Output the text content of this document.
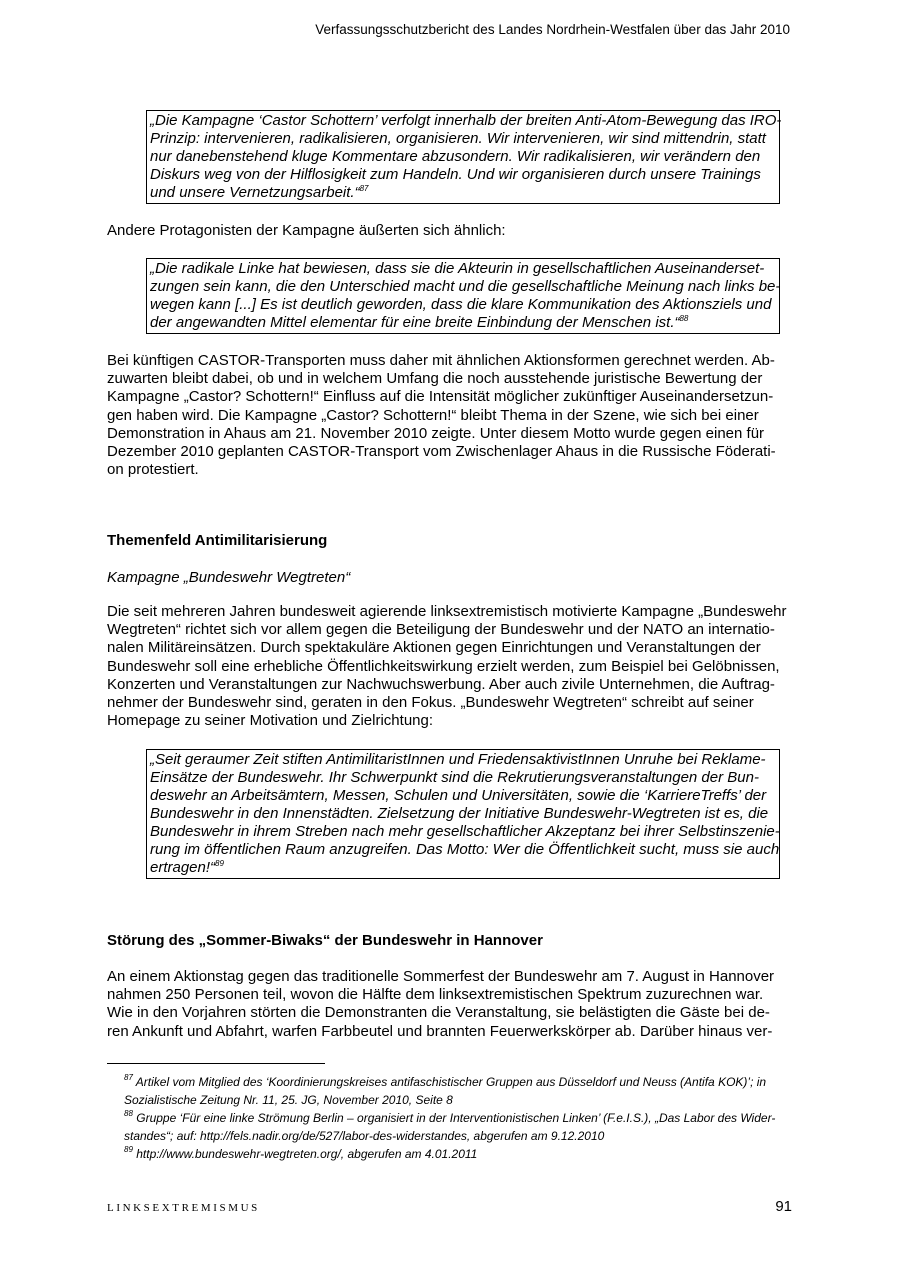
Verfassungsschutzbericht des Landes Nordrhein-Westfalen über das Jahr 2010
„Die Kampagne ‘Castor Schottern’ verfolgt innerhalb der breiten Anti-Atom-Bewegung das IRO-
Prinzip: intervenieren, radikalisieren, organisieren. Wir intervenieren, wir sind mittendrin, statt
nur danebenstehend kluge Kommentare abzusondern. Wir radikalisieren, wir verändern den
Diskurs weg von der Hilflosigkeit zum Handeln. Und wir organisieren durch unsere Trainings
und unsere Vernetzungsarbeit.“$^{87}$
Andere Protagonisten der Kampagne äußerten sich ähnlich:
„Die radikale Linke hat bewiesen, dass sie die Akteurin in gesellschaftlichen Auseinanderset-
zungen sein kann, die den Unterschied macht und die gesellschaftliche Meinung nach links be-
wegen kann [...] Es ist deutlich geworden, dass die klare Kommunikation des Aktionsziels und
der angewandten Mittel elementar für eine breite Einbindung der Menschen ist.“$^{88}$
Bei künftigen CASTOR-Transporten muss daher mit ähnlichen Aktionsformen gerechnet werden. Ab-
zuwarten bleibt dabei, ob und in welchem Umfang die noch ausstehende juristische Bewertung der
Kampagne „Castor? Schottern!“ Einfluss auf die Intensität möglicher zukünftiger Auseinandersetzun-
gen haben wird. Die Kampagne „Castor? Schottern!“ bleibt Thema in der Szene, wie sich bei einer
Demonstration in Ahaus am 21. November 2010 zeigte. Unter diesem Motto wurde gegen einen für
Dezember 2010 geplanten CASTOR-Transport vom Zwischenlager Ahaus in die Russische Föderati-
on protestiert.
Themenfeld Antimilitarisierung
Kampagne „Bundeswehr Wegtreten“
Die seit mehreren Jahren bundesweit agierende linksextremistisch motivierte Kampagne „Bundeswehr
Wegtreten“ richtet sich vor allem gegen die Beteiligung der Bundeswehr und der NATO an internatio-
nalen Militäreinsätzen. Durch spektakuläre Aktionen gegen Einrichtungen und Veranstaltungen der
Bundeswehr soll eine erhebliche Öffentlichkeitswirkung erzielt werden, zum Beispiel bei Gelöbnissen,
Konzerten und Veranstaltungen zur Nachwuchswerbung. Aber auch zivile Unternehmen, die Auftrag-
nehmer der Bundeswehr sind, geraten in den Fokus. „Bundeswehr Wegtreten“ schreibt auf seiner
Homepage zu seiner Motivation und Zielrichtung:
„Seit geraumer Zeit stiften AntimilitaristInnen und FriedensaktivistInnen Unruhe bei Reklame-
Einsätze der Bundeswehr. Ihr Schwerpunkt sind die Rekrutierungsveranstaltungen der Bun-
deswehr an Arbeitsämtern, Messen, Schulen und Universitäten, sowie die ‘KarriereTreffs’ der
Bundeswehr in den Innenstädten. Zielsetzung der Initiative Bundeswehr-Wegtreten ist es, die
Bundeswehr in ihrem Streben nach mehr gesellschaftlicher Akzeptanz bei ihrer Selbstinszenie-
rung im öffentlichen Raum anzugreifen. Das Motto: Wer die Öffentlichkeit sucht, muss sie auch
ertragen!“$^{89}$
Störung des „Sommer-Biwaks“ der Bundeswehr in Hannover
An einem Aktionstag gegen das traditionelle Sommerfest der Bundeswehr am 7. August in Hannover
nahmen 250 Personen teil, wovon die Hälfte dem linksextremistischen Spektrum zuzurechnen war.
Wie in den Vorjahren störten die Demonstranten die Veranstaltung, sie belästigten die Gäste bei de-
ren Ankunft und Abfahrt, warfen Farbbeutel und brannten Feuerwerkskörper ab. Darüber hinaus ver-
$^{87}$ Artikel vom Mitglied des ‘Koordinierungskreises antifaschistischer Gruppen aus Düsseldorf und Neuss (Antifa KOK)’; in
Sozialistische Zeitung Nr. 11, 25. JG, November 2010, Seite 8
$^{88}$ Gruppe ‘Für eine linke Strömung Berlin – organisiert in der Interventionistischen Linken’ (F.e.I.S.), „Das Labor des Wider-
standes“; auf: http://fels.nadir.org/de/527/labor-des-widerstandes, abgerufen am 9.12.2010
$^{89}$ http://www.bundeswehr-wegtreten.org/, abgerufen am 4.01.2011
LINKSEXTREMISMUS	91
